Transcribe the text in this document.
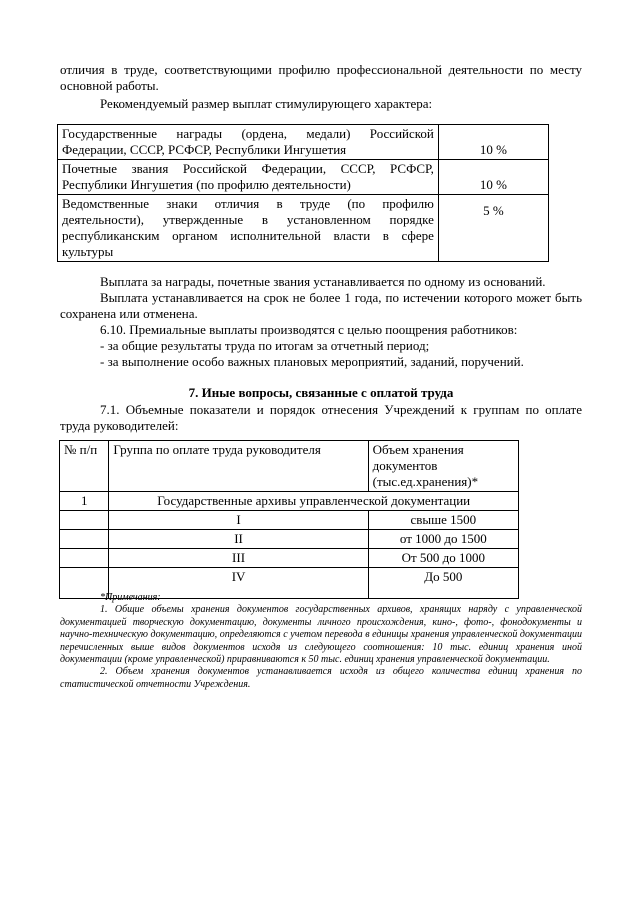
отличия в труде, соответствующими профилю профессиональной деятельности по месту основной работы.

Рекомендуемый размер выплат стимулирующего характера:

Государственные награды (ордена, медали) Российской Федерации, СССР, РСФСР, Республики Ингушетия	10 %
Почетные звания Российской Федерации, СССР, РСФСР, Республики Ингушетия (по профилю деятельности)	10 %
Ведомственные знаки отличия в труде (по профилю деятельности), утвержденные в установленном порядке республиканским органом исполнительной власти в сфере культуры	5 %

Выплата за награды, почетные звания устанавливается по одному из оснований.

Выплата устанавливается на срок не более 1 года, по истечении которого может быть сохранена или отменена.

6.10. Премиальные выплаты производятся с целью поощрения работников:

- за общие результаты труда по итогам за отчетный период;

- за выполнение особо важных плановых мероприятий, заданий, поручений.

7. Иные вопросы, связанные с оплатой труда

7.1. Объемные показатели и порядок отнесения Учреждений к группам по оплате труда руководителей:

№ п/п	Группа по оплате труда руководителя	Объем хранения документов (тыс.ед.хранения)*
1	Государственные архивы управленческой документации	
	I	свыше 1500
	II	от 1000 до 1500
	III	От 500 до 1000
	IV	До 500

*Примечания:

1. Общие объемы хранения документов государственных архивов, хранящих наряду с управленческой документацией творческую документацию, документы личного происхождения, кино-, фото-, фонодокументы и научно-техническую документацию, определяются с учетом перевода в единицы хранения управленческой документации перечисленных выше видов документов исходя из следующего соотношения: 10 тыс. единиц хранения иной документации (кроме управленческой) приравниваются к 50 тыс. единиц хранения управленческой документации.

2. Объем хранения документов устанавливается исходя из общего количества единиц хранения по статистической отчетности Учреждения.
